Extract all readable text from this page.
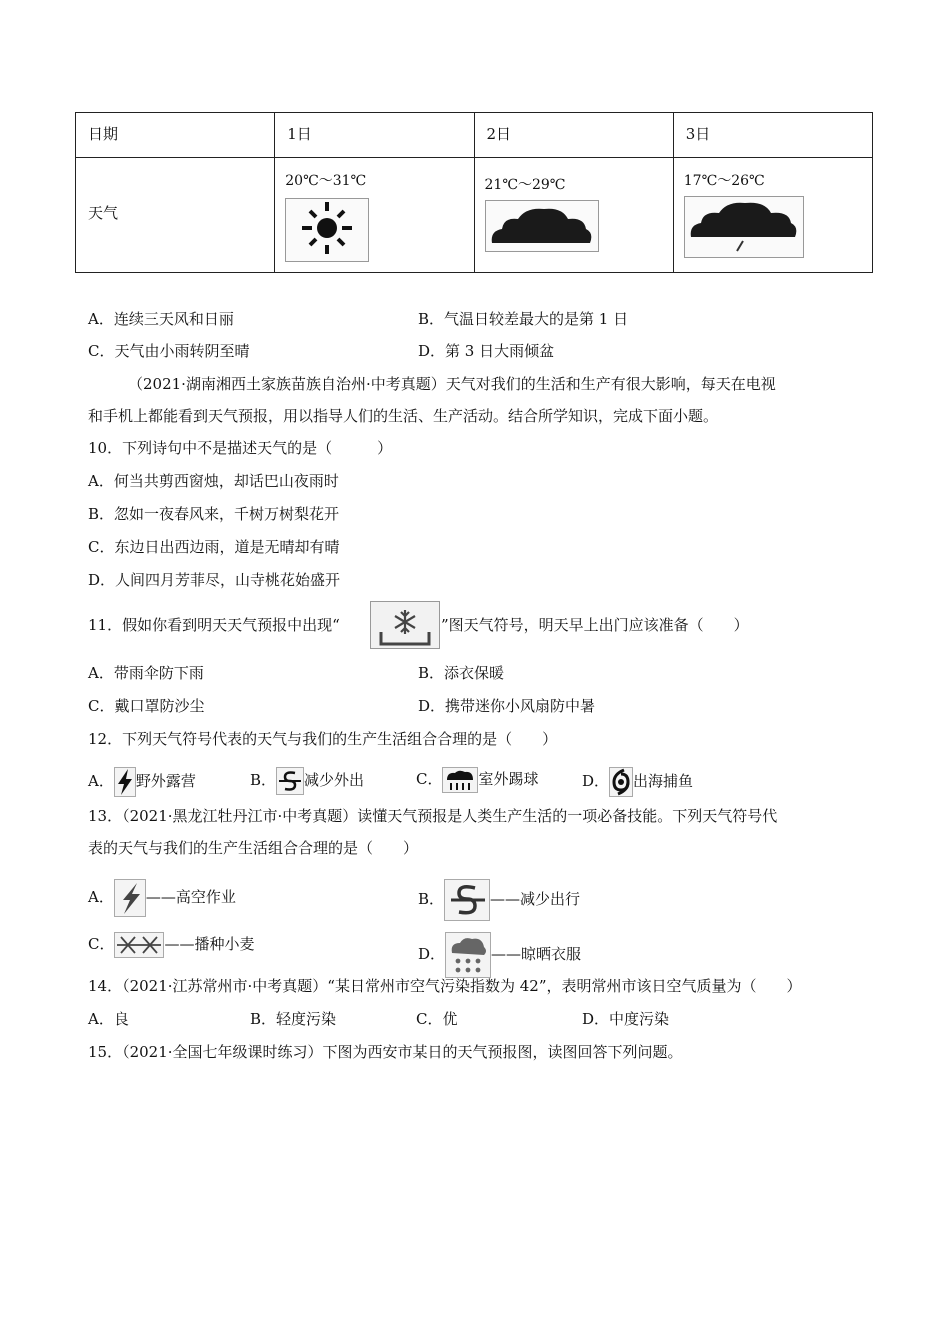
日期	1日	2日	3日

天气	20℃～31℃	21℃～29℃	17℃～26℃
A．连续三天风和日丽	B．气温日较差最大的是第 1 日
C．天气由小雨转阴至晴	D．第 3 日大雨倾盆
（2021·湖南湘西土家族苗族自治州·中考真题）天气对我们的生活和生产有很大影响，每天在电视
和手机上都能看到天气预报，用以指导人们的生活、生产活动。结合所学知识，完成下面小题。
10．下列诗句中不是描述天气的是（　　　）
A．何当共剪西窗烛，却话巴山夜雨时
B．忽如一夜春风来，千树万树梨花开
C．东边日出西边雨，道是无晴却有晴
D．人间四月芳菲尽，山寺桃花始盛开
11．假如你看到明天天气预报中出现“	”图天气符号，明天早上出门应该准备（　　）
A．带雨伞防下雨	B．添衣保暖
C．戴口罩防沙尘	D．携带迷你小风扇防中暑
12．下列天气符号代表的天气与我们的生产生活组合合理的是（　　）
A． 野外露营	B． 减少外出	C． 室外踢球	D． 出海捕鱼
13．（2021·黑龙江牡丹江市·中考真题）读懂天气预报是人类生产生活的一项必备技能。下列天气符号代
表的天气与我们的生产生活组合合理的是（　　）
A． ——高空作业	B．	——减少出行
C．	——播种小麦
D．	——晾晒衣服
14．（2021·江苏常州市·中考真题）“某日常州市空气污染指数为 42”，表明常州市该日空气质量为（　　）
A．良	B．轻度污染	C．优	D．中度污染
15．（2021·全国七年级课时练习）下图为西安市某日的天气预报图，读图回答下列问题。
